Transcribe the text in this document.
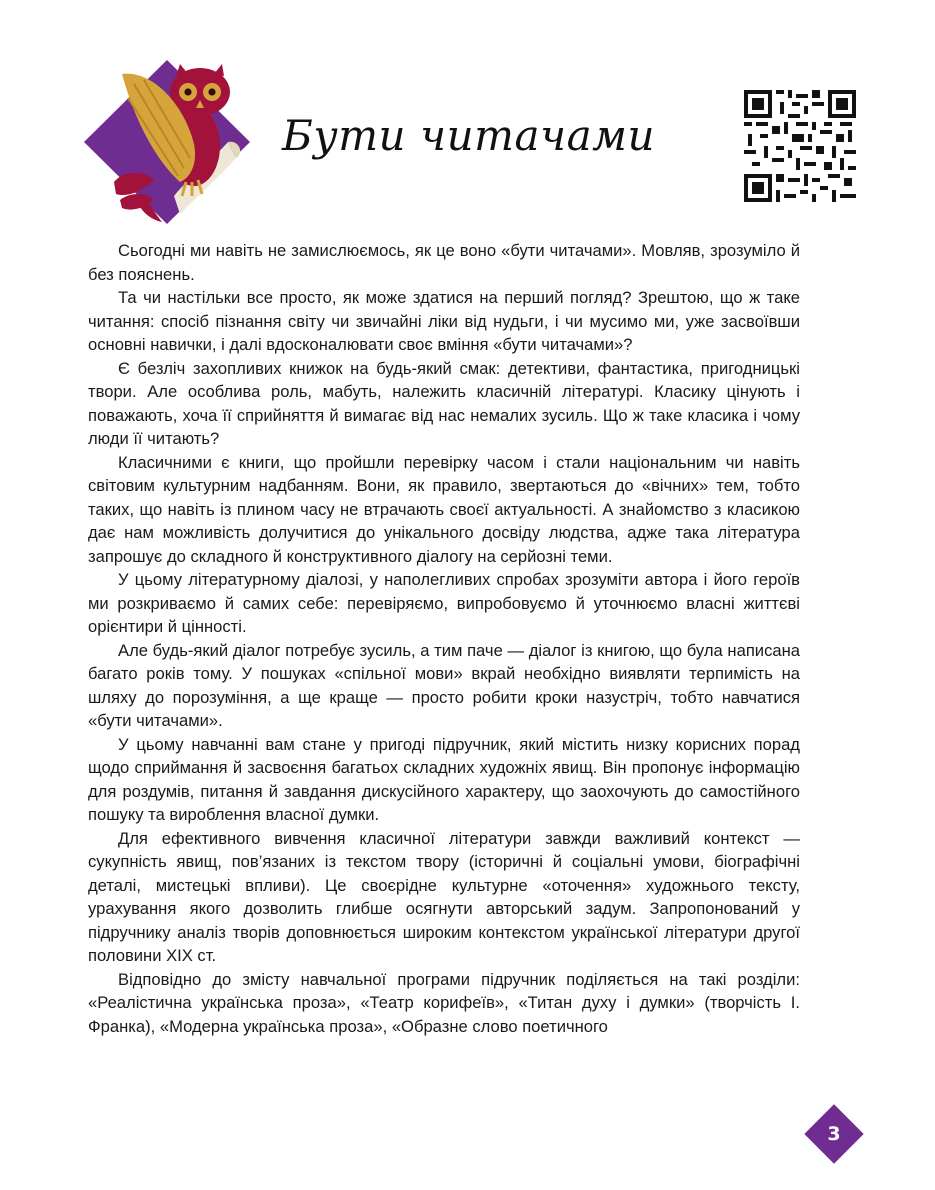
Бути читачами

Сьогодні ми навіть не замислюємось, як це воно «бути читачами». Мовляв, зрозуміло й без пояснень.

Та чи настільки все просто, як може здатися на перший погляд? Зрештою, що ж таке читання: спосіб пізнання світу чи звичайні ліки від нудьги, і чи мусимо ми, уже засвоївши основні навички, і далі вдосконалювати своє вміння «бути читачами»?

Є безліч захопливих книжок на будь-який смак: детективи, фантастика, пригодницькі твори. Але особлива роль, мабуть, належить класичній літературі. Класику цінують і поважають, хоча її сприйняття й вимагає від нас немалих зусиль. Що ж таке класика і чому люди її читають?

Класичними є книги, що пройшли перевірку часом і стали національним чи навіть світовим культурним надбанням. Вони, як правило, звертаються до «вічних» тем, тобто таких, що навіть із плином часу не втрачають своєї актуальності. А знайомство з класикою дає нам можливість долучитися до унікального досвіду людства, адже така література запрошує до складного й конструктивного діалогу на серйозні теми.

У цьому літературному діалозі, у наполегливих спробах зрозуміти автора і його героїв ми розкриваємо й самих себе: перевіряємо, випробовуємо й уточнюємо власні життєві орієнтири й цінності.

Але будь-який діалог потребує зусиль, а тим паче — діалог із книгою, що була написана багато років тому. У пошуках «спільної мови» вкрай необхідно виявляти терпимість на шляху до порозуміння, а ще краще — просто робити кроки назустріч, тобто навчатися «бути читачами».

У цьому навчанні вам стане у пригоді підручник, який містить низку корисних порад щодо сприймання й засвоєння багатьох складних художніх явищ. Він пропонує інформацію для роздумів, питання й завдання дискусійного характеру, що заохочують до самостійного пошуку та вироблення власної думки.

Для ефективного вивчення класичної літератури завжди важливий контекст — сукупність явищ, пов’язаних із текстом твору (історичні й соціальні умови, біографічні деталі, мистецькі впливи). Це своєрідне культурне «оточення» художнього тексту, урахування якого дозволить глибше осягнути авторський задум. Запропонований у підручнику аналіз творів доповнюється широким контекстом української літератури другої половини ХІХ ст.

Відповідно до змісту навчальної програми підручник поділяється на такі розділи: «Реалістична українська проза», «Театр корифеїв», «Титан духу і думки» (творчість І. Франка), «Модерна українська проза», «Образне слово поетичного

3
